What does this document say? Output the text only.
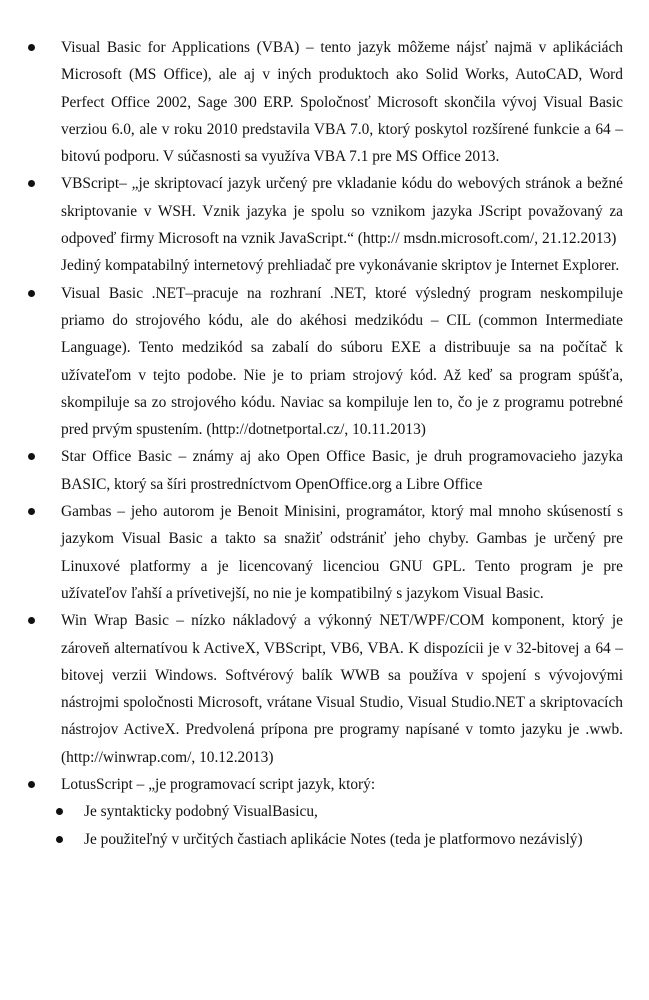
Visual Basic for Applications (VBA) – tento jazyk môžeme nájsť najmä v aplikáciách Microsoft (MS Office), ale aj v iných produktoch ako Solid Works, AutoCAD, Word Perfect Office 2002, Sage 300 ERP. Spoločnosť Microsoft skončila vývoj Visual Basic verziou 6.0, ale v roku 2010 predstavila VBA 7.0, ktorý poskytol rozšírené funkcie a 64 – bitovú podporu. V súčasnosti sa využíva VBA 7.1 pre MS Office 2013.

VBScript– „je skriptovací jazyk určený pre vkladanie kódu do webových stránok a bežné skriptovanie v WSH. Vznik jazyka je spolu so vznikom jazyka JScript považovaný za odpoveď firmy Microsoft na vznik JavaScript.“ (http:// msdn.microsoft.com/, 21.12.2013)

Jediný kompatabilný internetový prehliadač pre vykonávanie skriptov je Internet Explorer.

Visual Basic .NET–pracuje na rozhraní .NET, ktoré výsledný program neskompiluje priamo do strojového kódu, ale do akéhosi medzikódu – CIL (common Intermediate Language). Tento medzikód sa zabalí do súboru EXE a distribuuje sa na počítač k užívateľom v tejto podobe. Nie je to priam strojový kód. Až keď sa program spúšťa, skompiluje sa zo strojového kódu. Naviac sa kompiluje len to, čo je z programu potrebné pred prvým spustením. (http://dotnetportal.cz/, 10.11.2013)

Star Office Basic – známy aj ako Open Office Basic, je druh programovacieho jazyka BASIC, ktorý sa šíri prostredníctvom OpenOffice.org a Libre Office

Gambas – jeho autorom je Benoit Minisini, programátor, ktorý mal mnoho skúseností s jazykom Visual Basic a takto sa snažiť odstrániť jeho chyby. Gambas je určený pre Linuxové platformy a je licencovaný licenciou GNU GPL. Tento program je pre užívateľov ľahší a prívetivejší, no nie je kompatibilný s jazykom Visual Basic.

Win Wrap Basic – nízko nákladový a výkonný NET/WPF/COM komponent, ktorý je zároveň alternatívou k ActiveX, VBScript, VB6, VBA. K dispozícii je v 32-bitovej a 64 – bitovej verzii Windows. Softvérový balík WWB sa používa v spojení s vývojovými nástrojmi spoločnosti Microsoft, vrátane Visual Studio, Visual Studio.NET a skriptovacích nástrojov ActiveX. Predvolená prípona pre programy napísané v tomto jazyku je .wwb. (http://winwrap.com/, 10.12.2013)

LotusScript – „je programovací script jazyk, ktorý:

Je syntakticky podobný VisualBasicu,
Je použiteľný v určitých častiach aplikácie Notes (teda je platformovo nezávislý)
